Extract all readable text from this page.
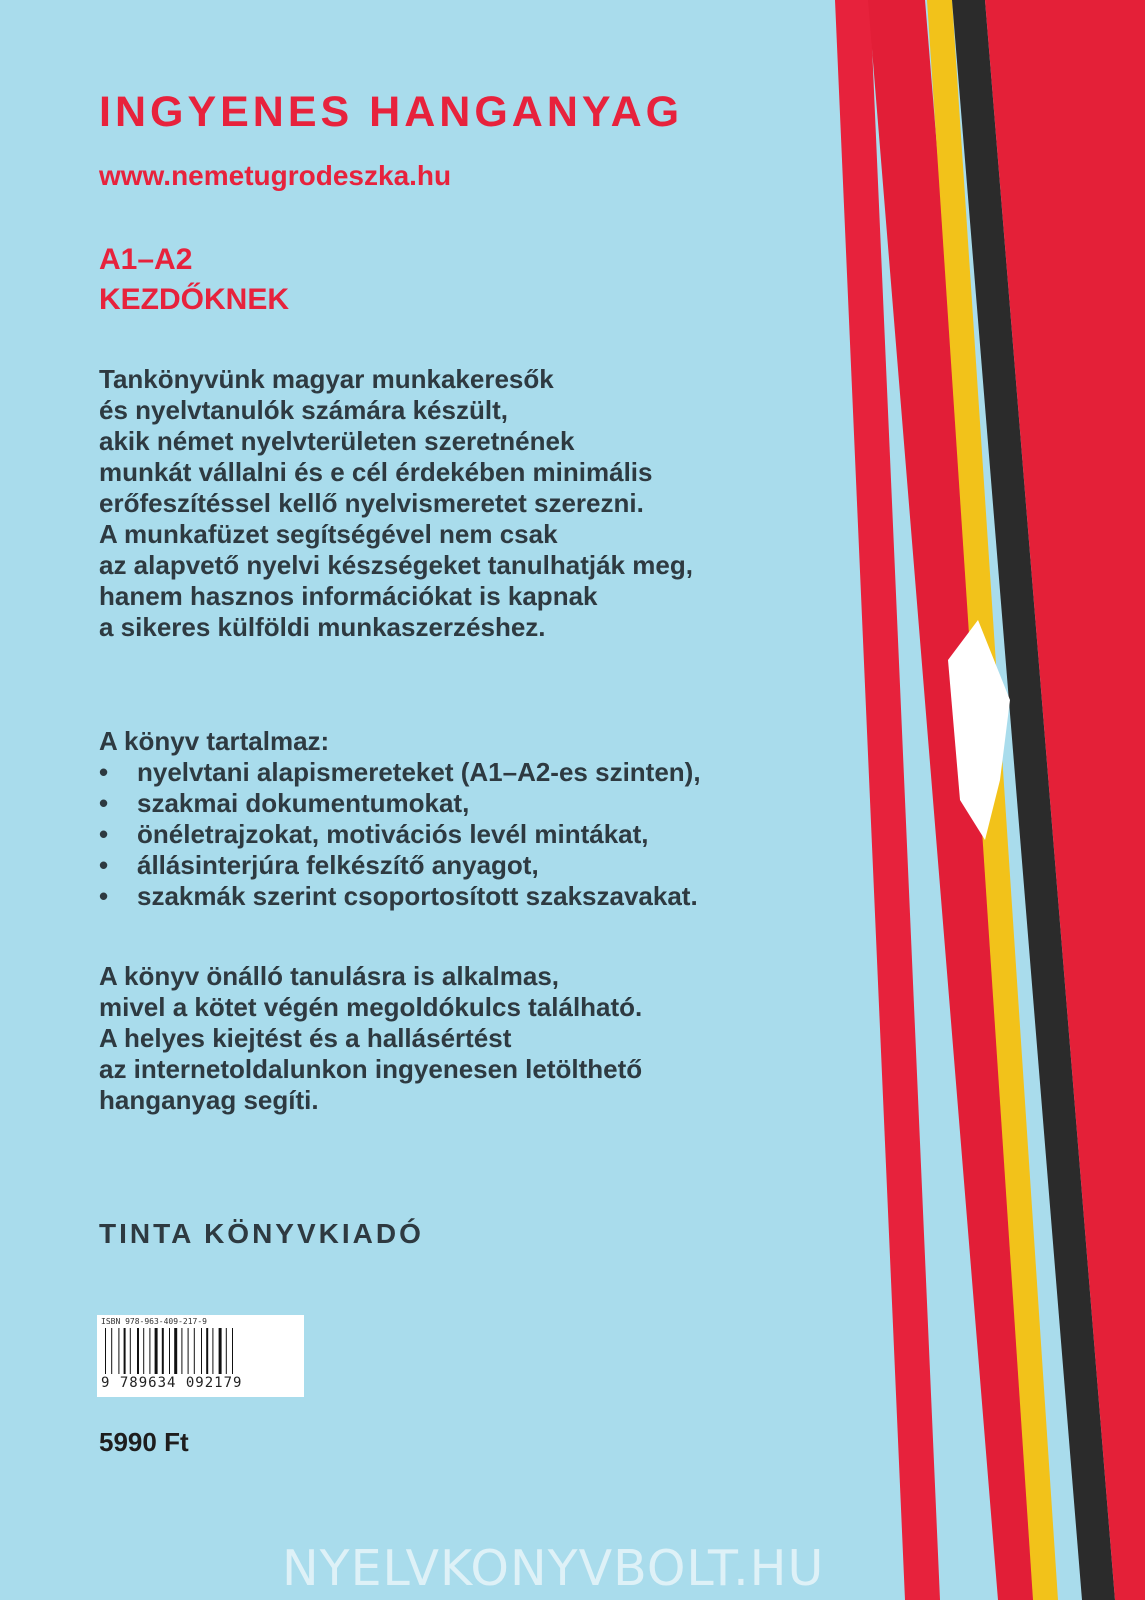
INGYENES HANGANYAG
www.nemetugrodeszka.hu
A1–A2
KEZDŐKNEK

Tankönyvünk magyar munkakeresők
és nyelvtanulók számára készült,
akik német nyelvterületen szeretnének
munkát vállalni és e cél érdekében minimális
erőfeszítéssel kellő nyelvismeretet szerezni.
A munkafüzet segítségével nem csak
az alapvető nyelvi készségeket tanulhatják meg,
hanem hasznos információkat is kapnak
a sikeres külföldi munkaszerzéshez.

A könyv tartalmaz:
• nyelvtani alapismereteket (A1–A2-es szinten),
• szakmai dokumentumokat,
• önéletrajzokat, motivációs levél mintákat,
• állásinterjúra felkészítő anyagot,
• szakmák szerint csoportosított szakszavakat.

A könyv önálló tanulásra is alkalmas,
mivel a kötet végén megoldókulcs található.
A helyes kiejtést és a hallásértést
az internetoldalunkon ingyenesen letölthető
hanganyag segíti.

TINTA KÖNYVKIADÓ
ISBN 978-963-409-217-9
9 789634 092179
5990 Ft
NYELVKONYVBOLT.HU
